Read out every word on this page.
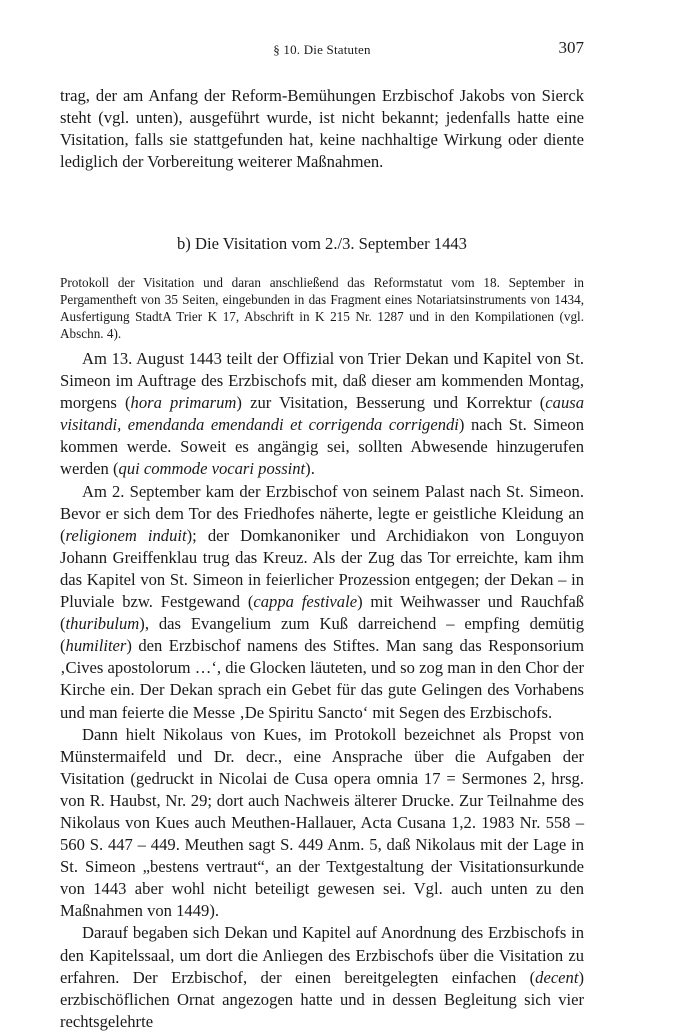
§ 10. Die Statuten	307
trag, der am Anfang der Reform-Bemühungen Erzbischof Jakobs von Sierck steht (vgl. unten), ausgeführt wurde, ist nicht bekannt; jedenfalls hatte eine Visitation, falls sie stattgefunden hat, keine nachhaltige Wirkung oder diente lediglich der Vorbereitung weiterer Maßnahmen.
b) Die Visitation vom 2./3. September 1443
Protokoll der Visitation und daran anschließend das Reformstatut vom 18. September in Pergamentheft von 35 Seiten, eingebunden in das Fragment eines Notariatsinstruments von 1434, Ausfertigung StadtA Trier K 17, Abschrift in K 215 Nr. 1287 und in den Kompilationen (vgl. Abschn. 4).

Am 13. August 1443 teilt der Offizial von Trier Dekan und Kapitel von St. Simeon im Auftrage des Erzbischofs mit, daß dieser am kommenden Montag, morgens (hora primarum) zur Visitation, Besserung und Korrektur (causa visitandi, emendanda emendandi et corrigenda corrigendi) nach St. Simeon kommen werde. Soweit es angängig sei, sollten Abwesende hinzugerufen werden (qui commode vocari possint).

Am 2. September kam der Erzbischof von seinem Palast nach St. Simeon. Bevor er sich dem Tor des Friedhofes näherte, legte er geistliche Kleidung an (religionem induit); der Domkanoniker und Archidiakon von Longuyon Johann Greiffenklau trug das Kreuz. Als der Zug das Tor erreichte, kam ihm das Kapitel von St. Simeon in feierlicher Prozession entgegen; der Dekan – in Pluviale bzw. Festgewand (cappa festivale) mit Weihwasser und Rauchfaß (thuribulum), das Evangelium zum Kuß darreichend – empfing demütig (humiliter) den Erzbischof namens des Stiftes. Man sang das Responsorium ‚Cives apostolorum …‘, die Glocken läuteten, und so zog man in den Chor der Kirche ein. Der Dekan sprach ein Gebet für das gute Gelingen des Vorhabens und man feierte die Messe ‚De Spiritu Sancto‘ mit Segen des Erzbischofs.

Dann hielt Nikolaus von Kues, im Protokoll bezeichnet als Propst von Münstermaifeld und Dr. decr., eine Ansprache über die Aufgaben der Visitation (gedruckt in Nicolai de Cusa opera omnia 17 = Sermones 2, hrsg. von R. Haubst, Nr. 29; dort auch Nachweis älterer Drucke. Zur Teilnahme des Nikolaus von Kues auch Meuthen-Hallauer, Acta Cusana 1,2. 1983 Nr. 558 – 560 S. 447 – 449. Meuthen sagt S. 449 Anm. 5, daß Nikolaus mit der Lage in St. Simeon „bestens vertraut“, an der Textgestaltung der Visitationsurkunde von 1443 aber wohl nicht beteiligt gewesen sei. Vgl. auch unten zu den Maßnahmen von 1449).

Darauf begaben sich Dekan und Kapitel auf Anordnung des Erzbischofs in den Kapitelssaal, um dort die Anliegen des Erzbischofs über die Visitation zu erfahren. Der Erzbischof, der einen bereitgelegten einfachen (decent) erzbischöflichen Ornat angezogen hatte und in dessen Begleitung sich vier rechtsgelehrte
